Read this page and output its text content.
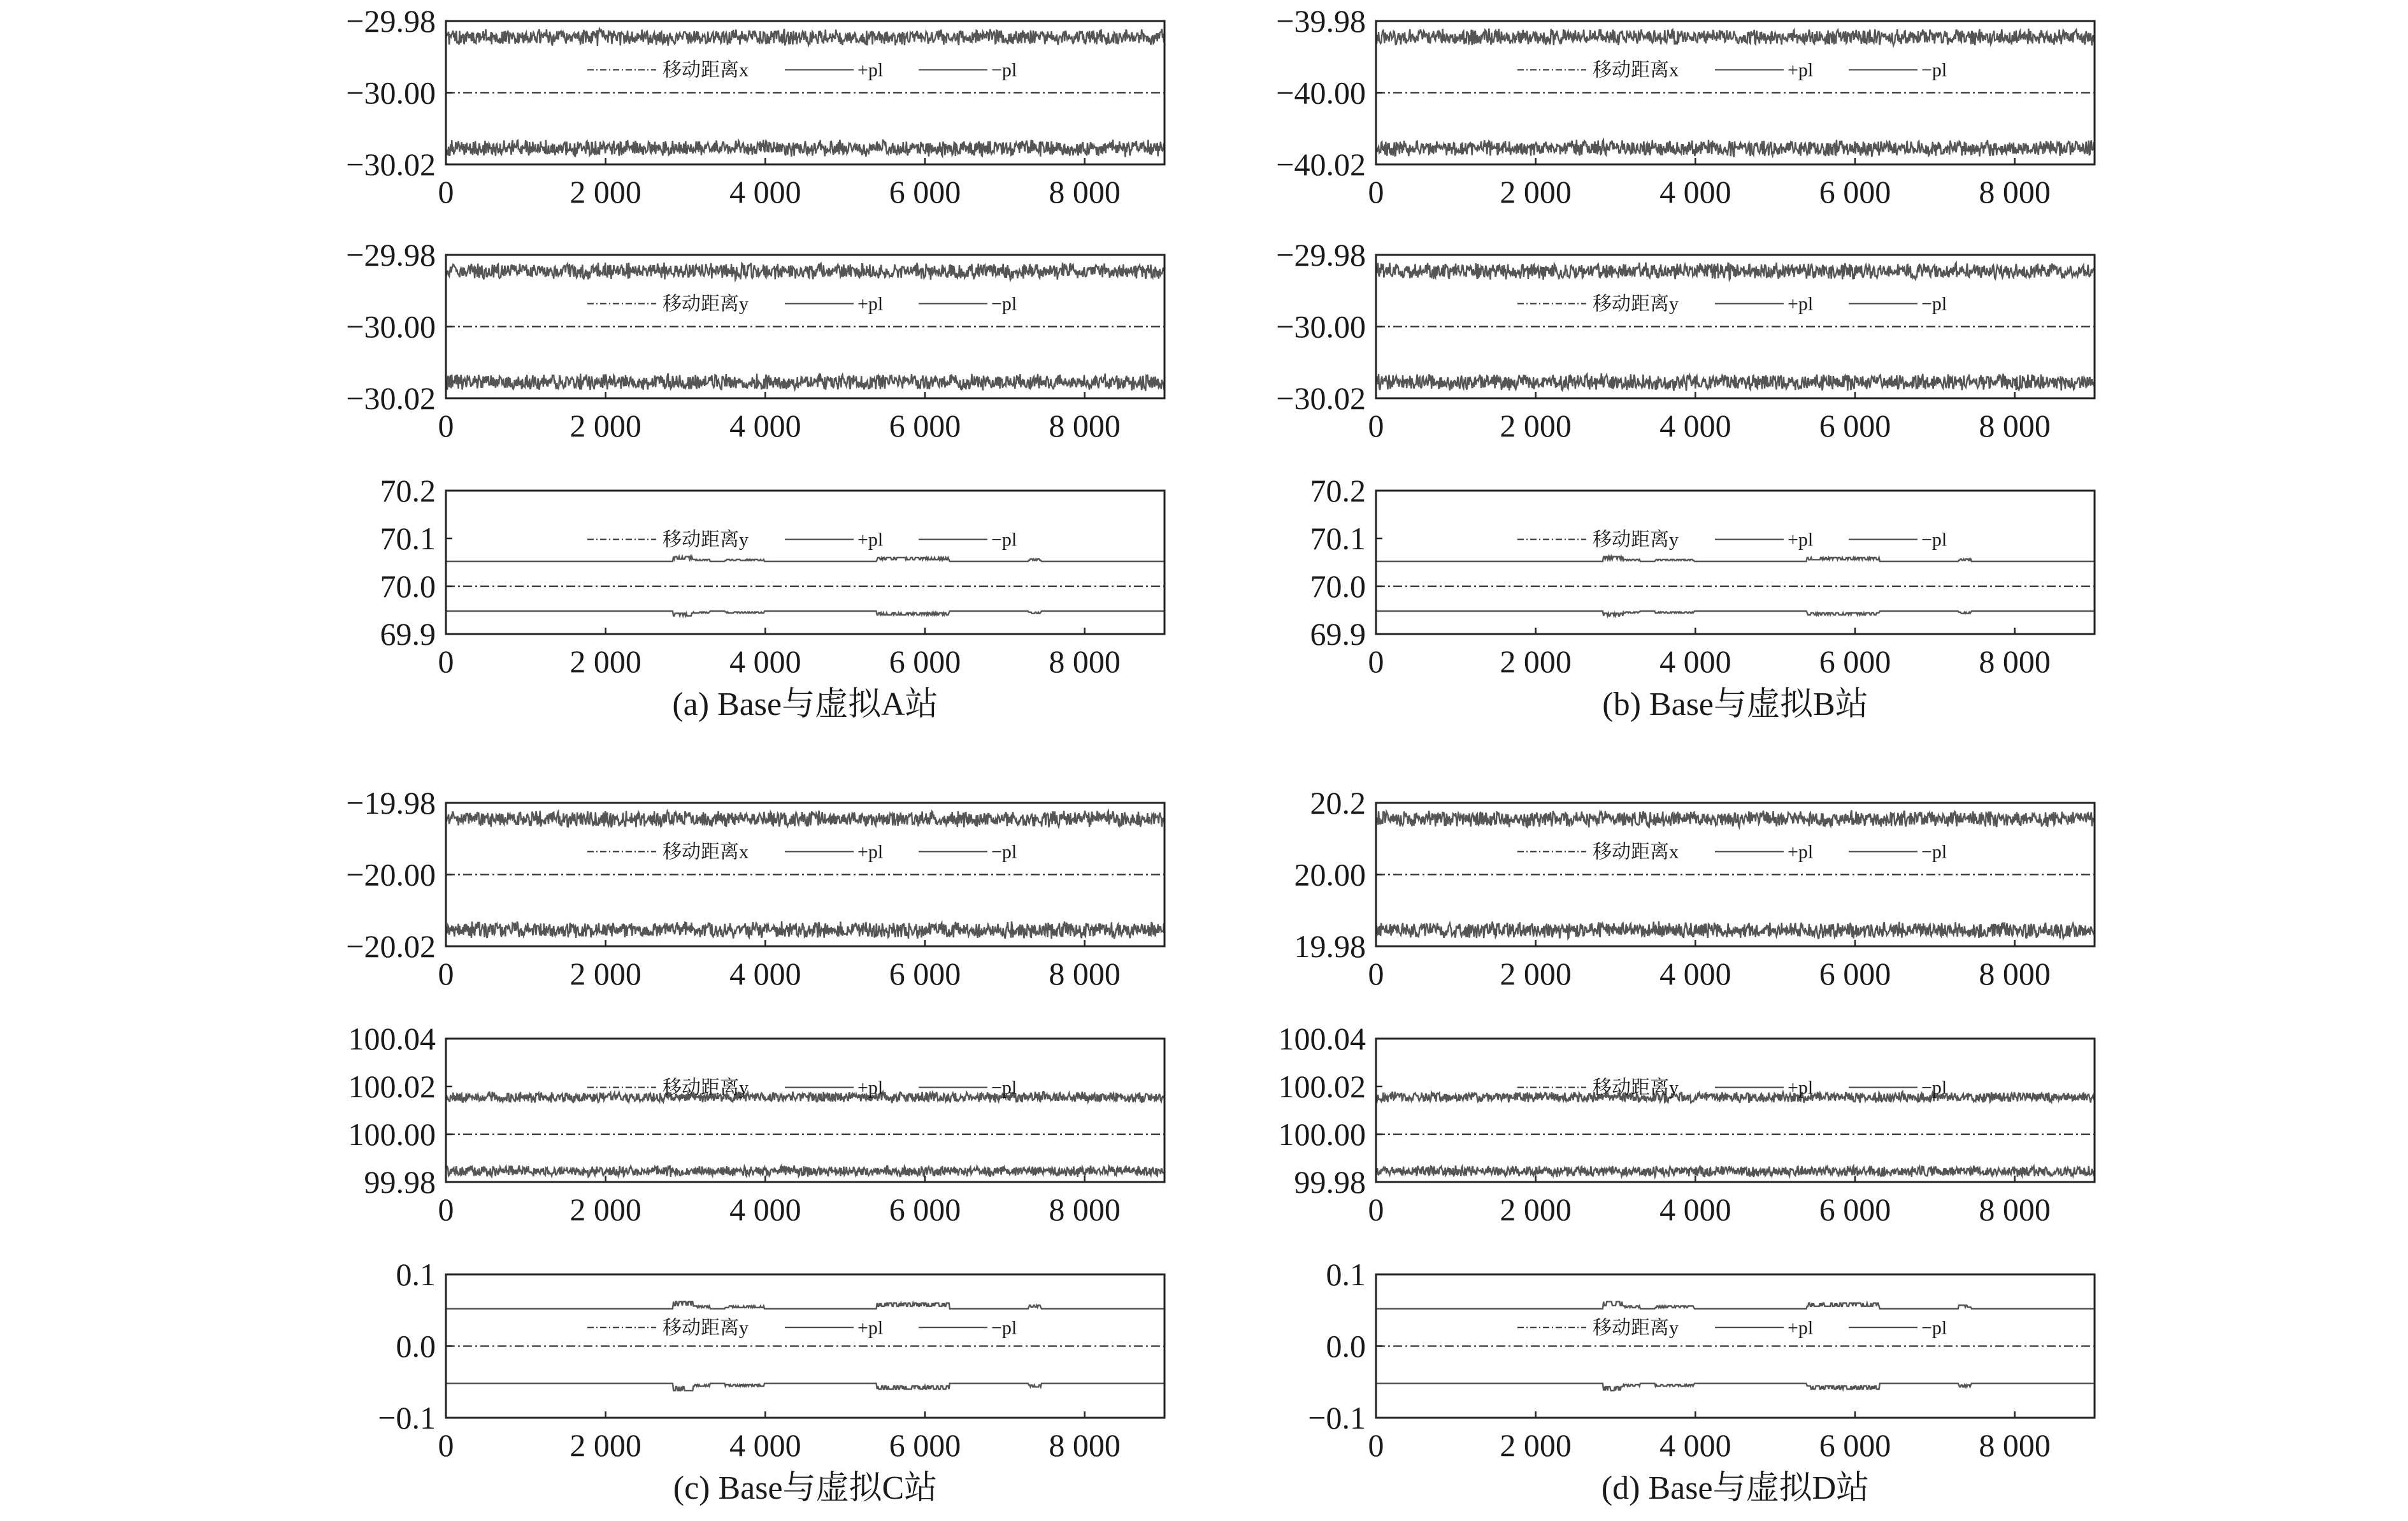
−29.98
−30.00
−30.02
0	2 000	4 000	6 000	8 000
移动距离x	+pl	−pl
−29.98
−30.00
−30.02
0	2 000	4 000	6 000	8 000
移动距离y	+pl	−pl
70.2
70.1
70.0
69.9
0	2 000	4 000	6 000	8 000
移动距离y	+pl	−pl
−39.98
−40.00
−40.02
0	2 000	4 000	6 000	8 000
移动距离x	+pl	−pl
−29.98
−30.00
−30.02
0	2 000	4 000	6 000	8 000
移动距离y	+pl	−pl
70.2
70.1
70.0
69.9
0	2 000	4 000	6 000	8 000
移动距离y	+pl	−pl
−19.98
−20.00
−20.02
0	2 000	4 000	6 000	8 000
移动距离x	+pl	−pl
100.04
100.02
100.00
99.98
0	2 000	4 000	6 000	8 000
移动距离y	+pl	−pl
0.1
0.0
−0.1
0	2 000	4 000	6 000	8 000
移动距离y	+pl	−pl
20.2
20.00
19.98
0	2 000	4 000	6 000	8 000
移动距离x	+pl	−pl
100.04
100.02
100.00
99.98
0	2 000	4 000	6 000	8 000
移动距离y	+pl	−pl
0.1
0.0
−0.1
0	2 000	4 000	6 000	8 000
移动距离y	+pl	−pl
(a) Base与虚拟A站	(b) Base与虚拟B站
(c) Base与虚拟C站	(d) Base与虚拟D站
